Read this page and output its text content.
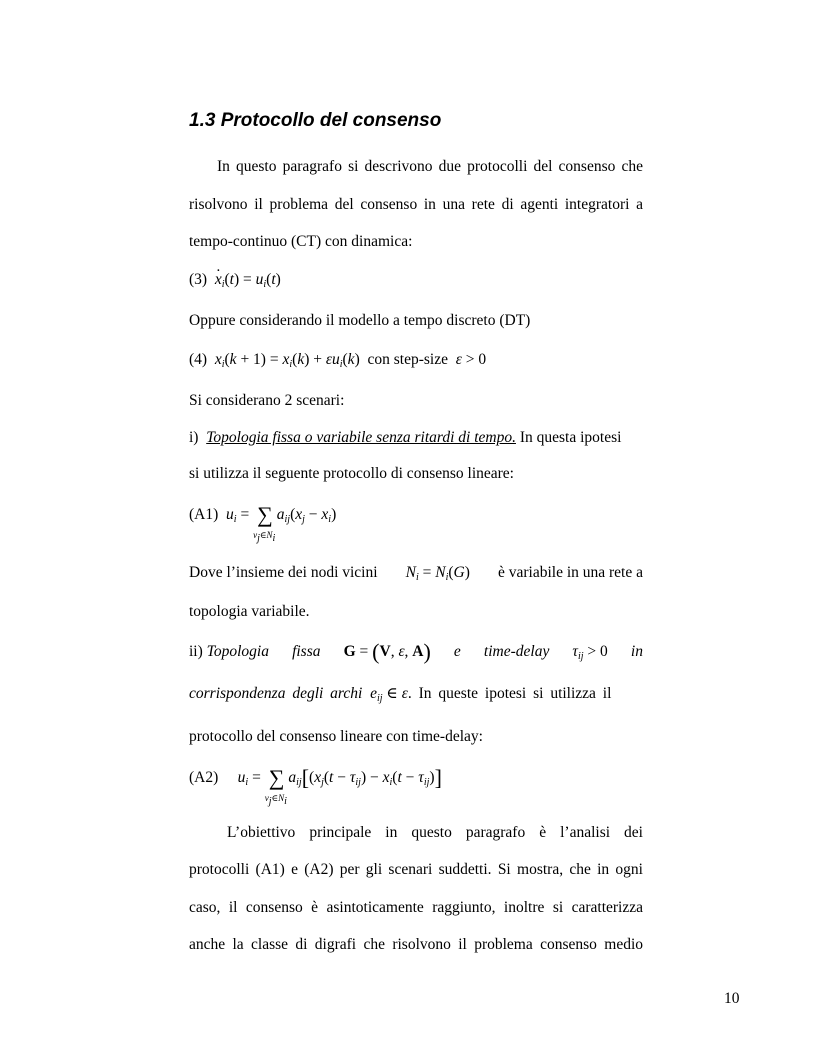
1.3 Protocollo del consenso
In questo paragrafo si descrivono due protocolli del consenso che
risolvono il problema del consenso in una rete di agenti integratori a
tempo-continuo (CT) con dinamica:
$(3) \cdot x_i(t) = u_i(t)$
Oppure considerando il modello a tempo discreto (DT)
(4) $x_i(k + 1) = x_i(k) + \varepsilon u_i(k)$ con step-size ε > 0
Si considerano 2 scenari:
i) Topologia fissa o variabile senza ritardi di tempo. In questa ipotesi
si utilizza il seguente protocollo di consenso lineare:
(A1) $u_i$ = ∑
$v_j\in N_i$
$a_{ij}(x_j - x_i)$
Dove l’insieme dei nodi vicini $N_i = N_i(G)$ è variabile in una rete a
topologia variabile.
ii) Topologia fissa G = (V, ε, A) e time-delay $\tau_{ij} > 0$ in
corrispondenza degli archi $e_{ij}$ ∈ ε. In queste ipotesi si utilizza il
protocollo del consenso lineare con time-delay:
(A2) $u_i$ = ∑
$v_j\in N_i$
$a_{ij}[(x_j(t - \tau_{ij}) - x_i(t - \tau_{ij})]$
L’obiettivo principale in questo paragrafo è l’analisi dei
protocolli (A1) e (A2) per gli scenari suddetti. Si mostra, che in ogni
caso, il consenso è asintoticamente raggiunto, inoltre si caratterizza
anche la classe di digrafi che risolvono il problema consenso medio
10
